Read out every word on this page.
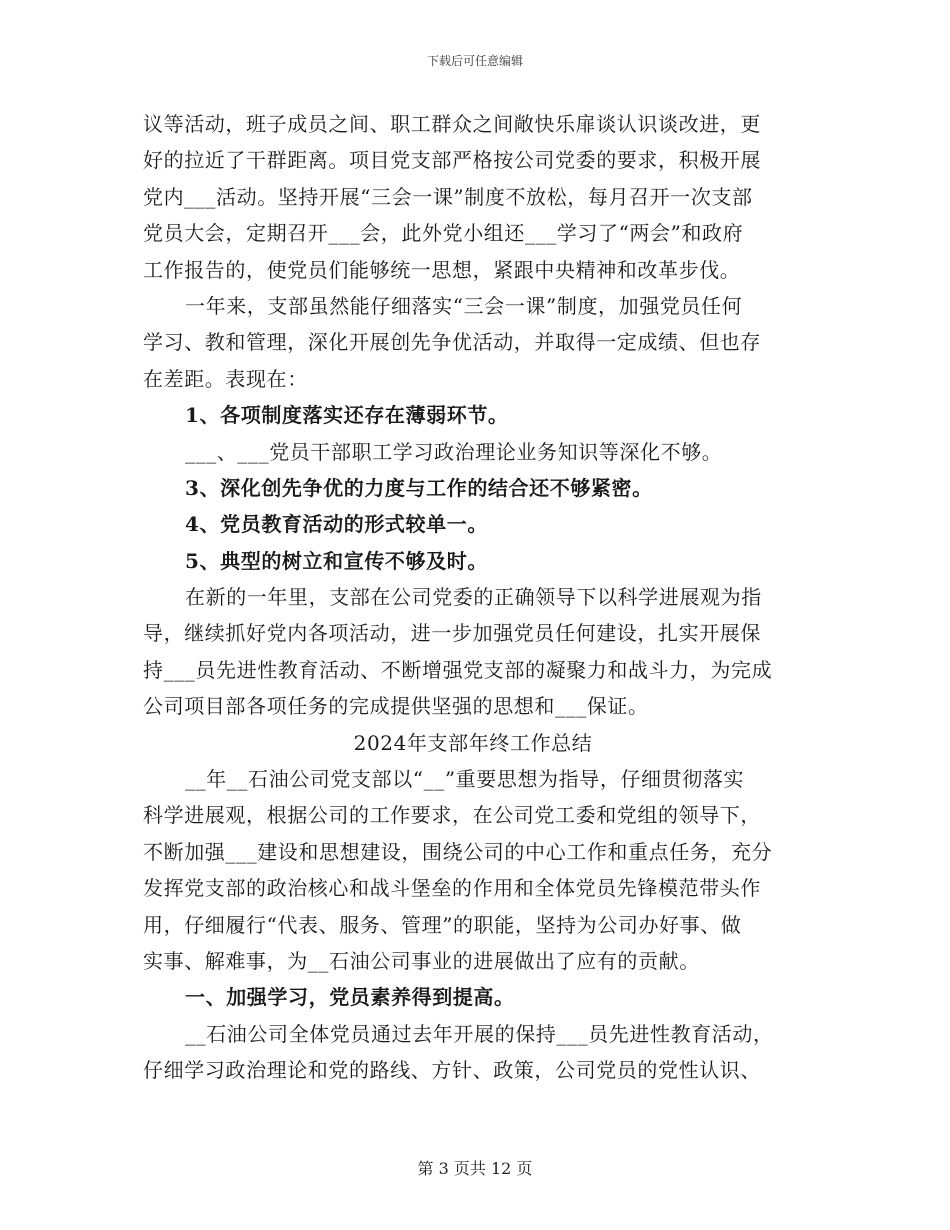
下载后可任意编辑
议等活动，班子成员之间、职工群众之间敞快乐扉谈认识谈改进，更
好的拉近了干群距离。项目党支部严格按公司党委的要求，积极开展
党内___活动。坚持开展“三会一课”制度不放松，每月召开一次支部
党员大会，定期召开___会，此外党小组还___学习了“两会”和政府
工作报告的，使党员们能够统一思想，紧跟中央精神和改革步伐。
一年来，支部虽然能仔细落实“三会一课”制度，加强党员任何
学习、教和管理，深化开展创先争优活动，并取得一定成绩、但也存
在差距。表现在：
1、各项制度落实还存在薄弱环节。
___、___党员干部职工学习政治理论业务知识等深化不够。
3、深化创先争优的力度与工作的结合还不够紧密。
4、党员教育活动的形式较单一。
5、典型的树立和宣传不够及时。
在新的一年里，支部在公司党委的正确领导下以科学进展观为指
导，继续抓好党内各项活动，进一步加强党员任何建设，扎实开展保
持___员先进性教育活动、不断增强党支部的凝聚力和战斗力，为完成
公司项目部各项任务的完成提供坚强的思想和___保证。
2024年支部年终工作总结
__年__石油公司党支部以“__”重要思想为指导，仔细贯彻落实
科学进展观，根据公司的工作要求，在公司党工委和党组的领导下，
不断加强___建设和思想建设，围绕公司的中心工作和重点任务，充分
发挥党支部的政治核心和战斗堡垒的作用和全体党员先锋模范带头作
用，仔细履行“代表、服务、管理”的职能，坚持为公司办好事、做
实事、解难事，为__石油公司事业的进展做出了应有的贡献。
一、加强学习，党员素养得到提高。
__石油公司全体党员通过去年开展的保持___员先进性教育活动，
仔细学习政治理论和党的路线、方针、政策，公司党员的党性认识、
第 3 页共 12 页
